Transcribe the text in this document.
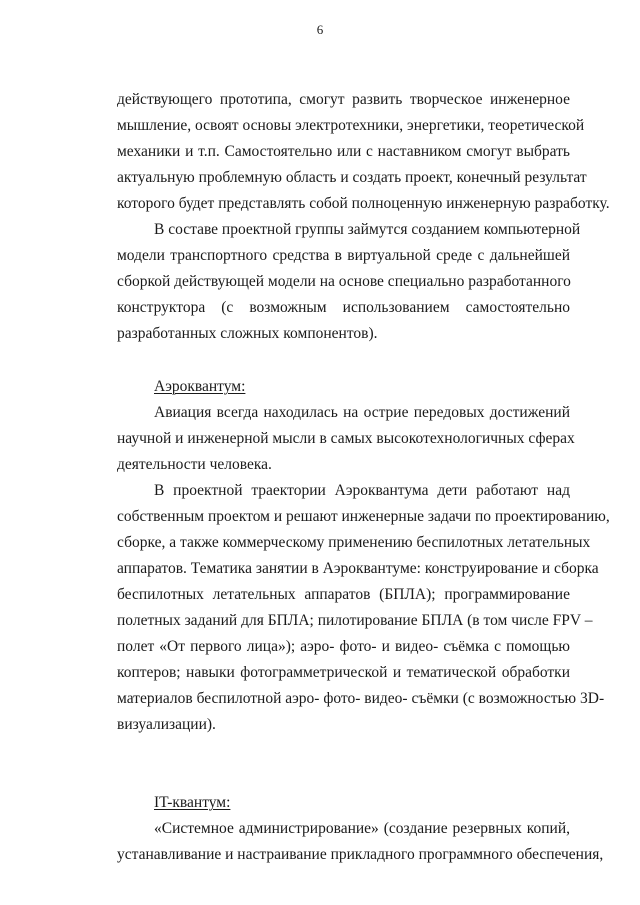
6
действующего прототипа, смогут развить творческое инженерное
мышление, освоят основы электротехники, энергетики, теоретической
механики и т.п. Самостоятельно или с наставником смогут выбрать
актуальную проблемную область и создать проект, конечный результат
которого будет представлять собой полноценную инженерную разработку.
В составе проектной группы займутся созданием компьютерной
модели транспортного средства в виртуальной среде с дальнейшей
сборкой действующей модели на основе специально разработанного
конструктора (с возможным использованием самостоятельно
разработанных сложных компонентов).
Аэроквантум:
Авиация всегда находилась на острие передовых достижений
научной и инженерной мысли в самых высокотехнологичных сферах
деятельности человека.
В проектной траектории Аэроквантума дети работают над
собственным проектом и решают инженерные задачи по проектированию,
сборке, а также коммерческому применению беспилотных летательных
аппаратов. Тематика занятии в Аэроквантуме: конструирование и сборка
беспилотных летательных аппаратов (БПЛА); программирование
полетных заданий для БПЛА; пилотирование БПЛА (в том числе FPV –
полет «От первого лица»); аэро- фото- и видео- съёмка с помощью
коптеров; навыки фотограмметрической и тематической обработки
материалов беспилотной аэро- фото- видео- съёмки (с возможностью 3D-
визуализации).
IT-квантум:
«Системное администрирование» (создание резервных копий,
устанавливание и настраивание прикладного программного обеспечения,
